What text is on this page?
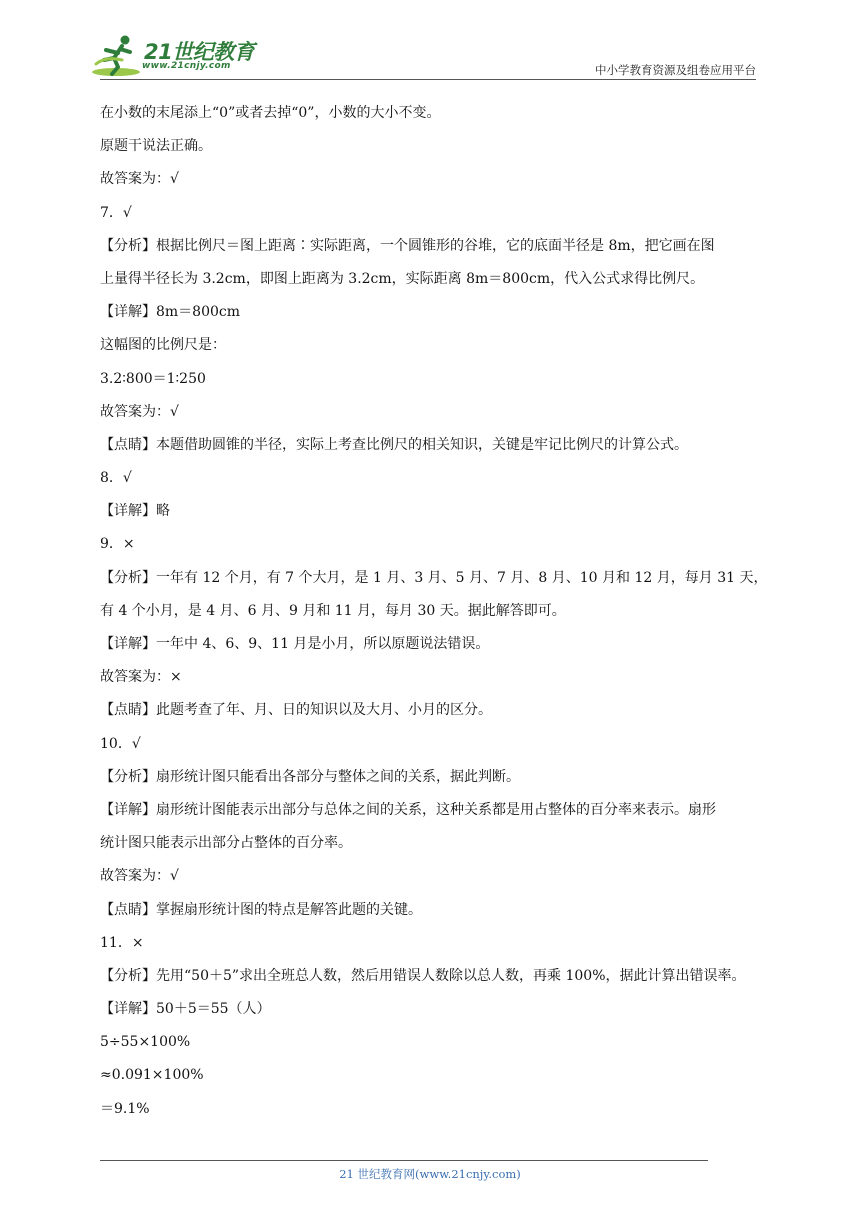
21世纪教育
www.21cnjy.com	中小学教育资源及组卷应用平台

在小数的末尾添上“0”或者去掉“0”，小数的大小不变。

原题干说法正确。

故答案为：√

7．√

【分析】根据比例尺＝图上距离∶实际距离，一个圆锥形的谷堆，它的底面半径是 8m，把它画在图

上量得半径长为 3.2cm，即图上距离为 3.2cm，实际距离 8m＝800cm，代入公式求得比例尺。

【详解】8m＝800cm

这幅图的比例尺是：

3.2∶800＝1∶250

故答案为：√

【点睛】本题借助圆锥的半径，实际上考查比例尺的相关知识，关键是牢记比例尺的计算公式。

8．√

【详解】略

9．×

【分析】一年有 12 个月，有 7 个大月，是 1 月、3 月、5 月、7 月、8 月、10 月和 12 月，每月 31 天，

有 4 个小月，是 4 月、6 月、9 月和 11 月，每月 30 天。据此解答即可。

【详解】一年中 4、6、9、11 月是小月，所以原题说法错误。

故答案为：×

【点睛】此题考查了年、月、日的知识以及大月、小月的区分。

10．√

【分析】扇形统计图只能看出各部分与整体之间的关系，据此判断。

【详解】扇形统计图能表示出部分与总体之间的关系，这种关系都是用占整体的百分率来表示。扇形

统计图只能表示出部分占整体的百分率。

故答案为：√

【点睛】掌握扇形统计图的特点是解答此题的关键。

11．×

【分析】先用“50＋5”求出全班总人数，然后用错误人数除以总人数，再乘 100%，据此计算出错误率。

【详解】50＋5＝55（人）

5÷55×100%

≈0.091×100%

＝9.1%

21 世纪教育网(www.21cnjy.com)
